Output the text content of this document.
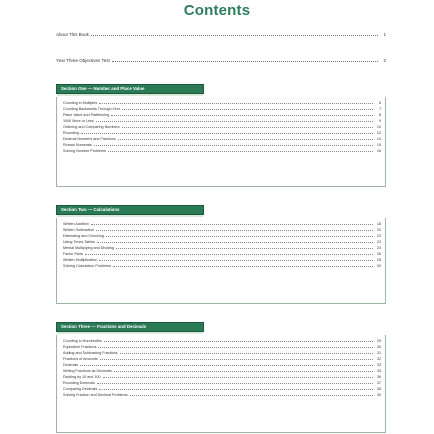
Contents
About This Book	1
Year Three Objectives Test	2
Section One — Number and Place Value
Counting in Multiples	6
Counting Backwards Through Zero	7
Place Value and Partitioning	8
1000 More or Less	9
Ordering and Comparing Numbers	10
Rounding	12
Decimal Numbers and Fractions	14
Roman Numerals	15
Solving Number Problems	16
Section Two — Calculations
Written Addition	18
Written Subtraction	20
Estimating and Checking	22
Using Times Tables	23
Mental Multiplying and Dividing	24
Factor Pairs	26
Written Multiplication	28
Solving Calculation Problems	30
Section Three — Fractions and Decimals
Counting in Hundredths	29
Equivalent Fractions	30
Adding and Subtracting Fractions	31
Fractions of Amounts	32
Decimals	33
Writing Fractions as Decimals	34
Dividing by 10 and 100	36
Rounding Decimals	37
Comparing Decimals	38
Solving Fraction and Decimal Problems	40
